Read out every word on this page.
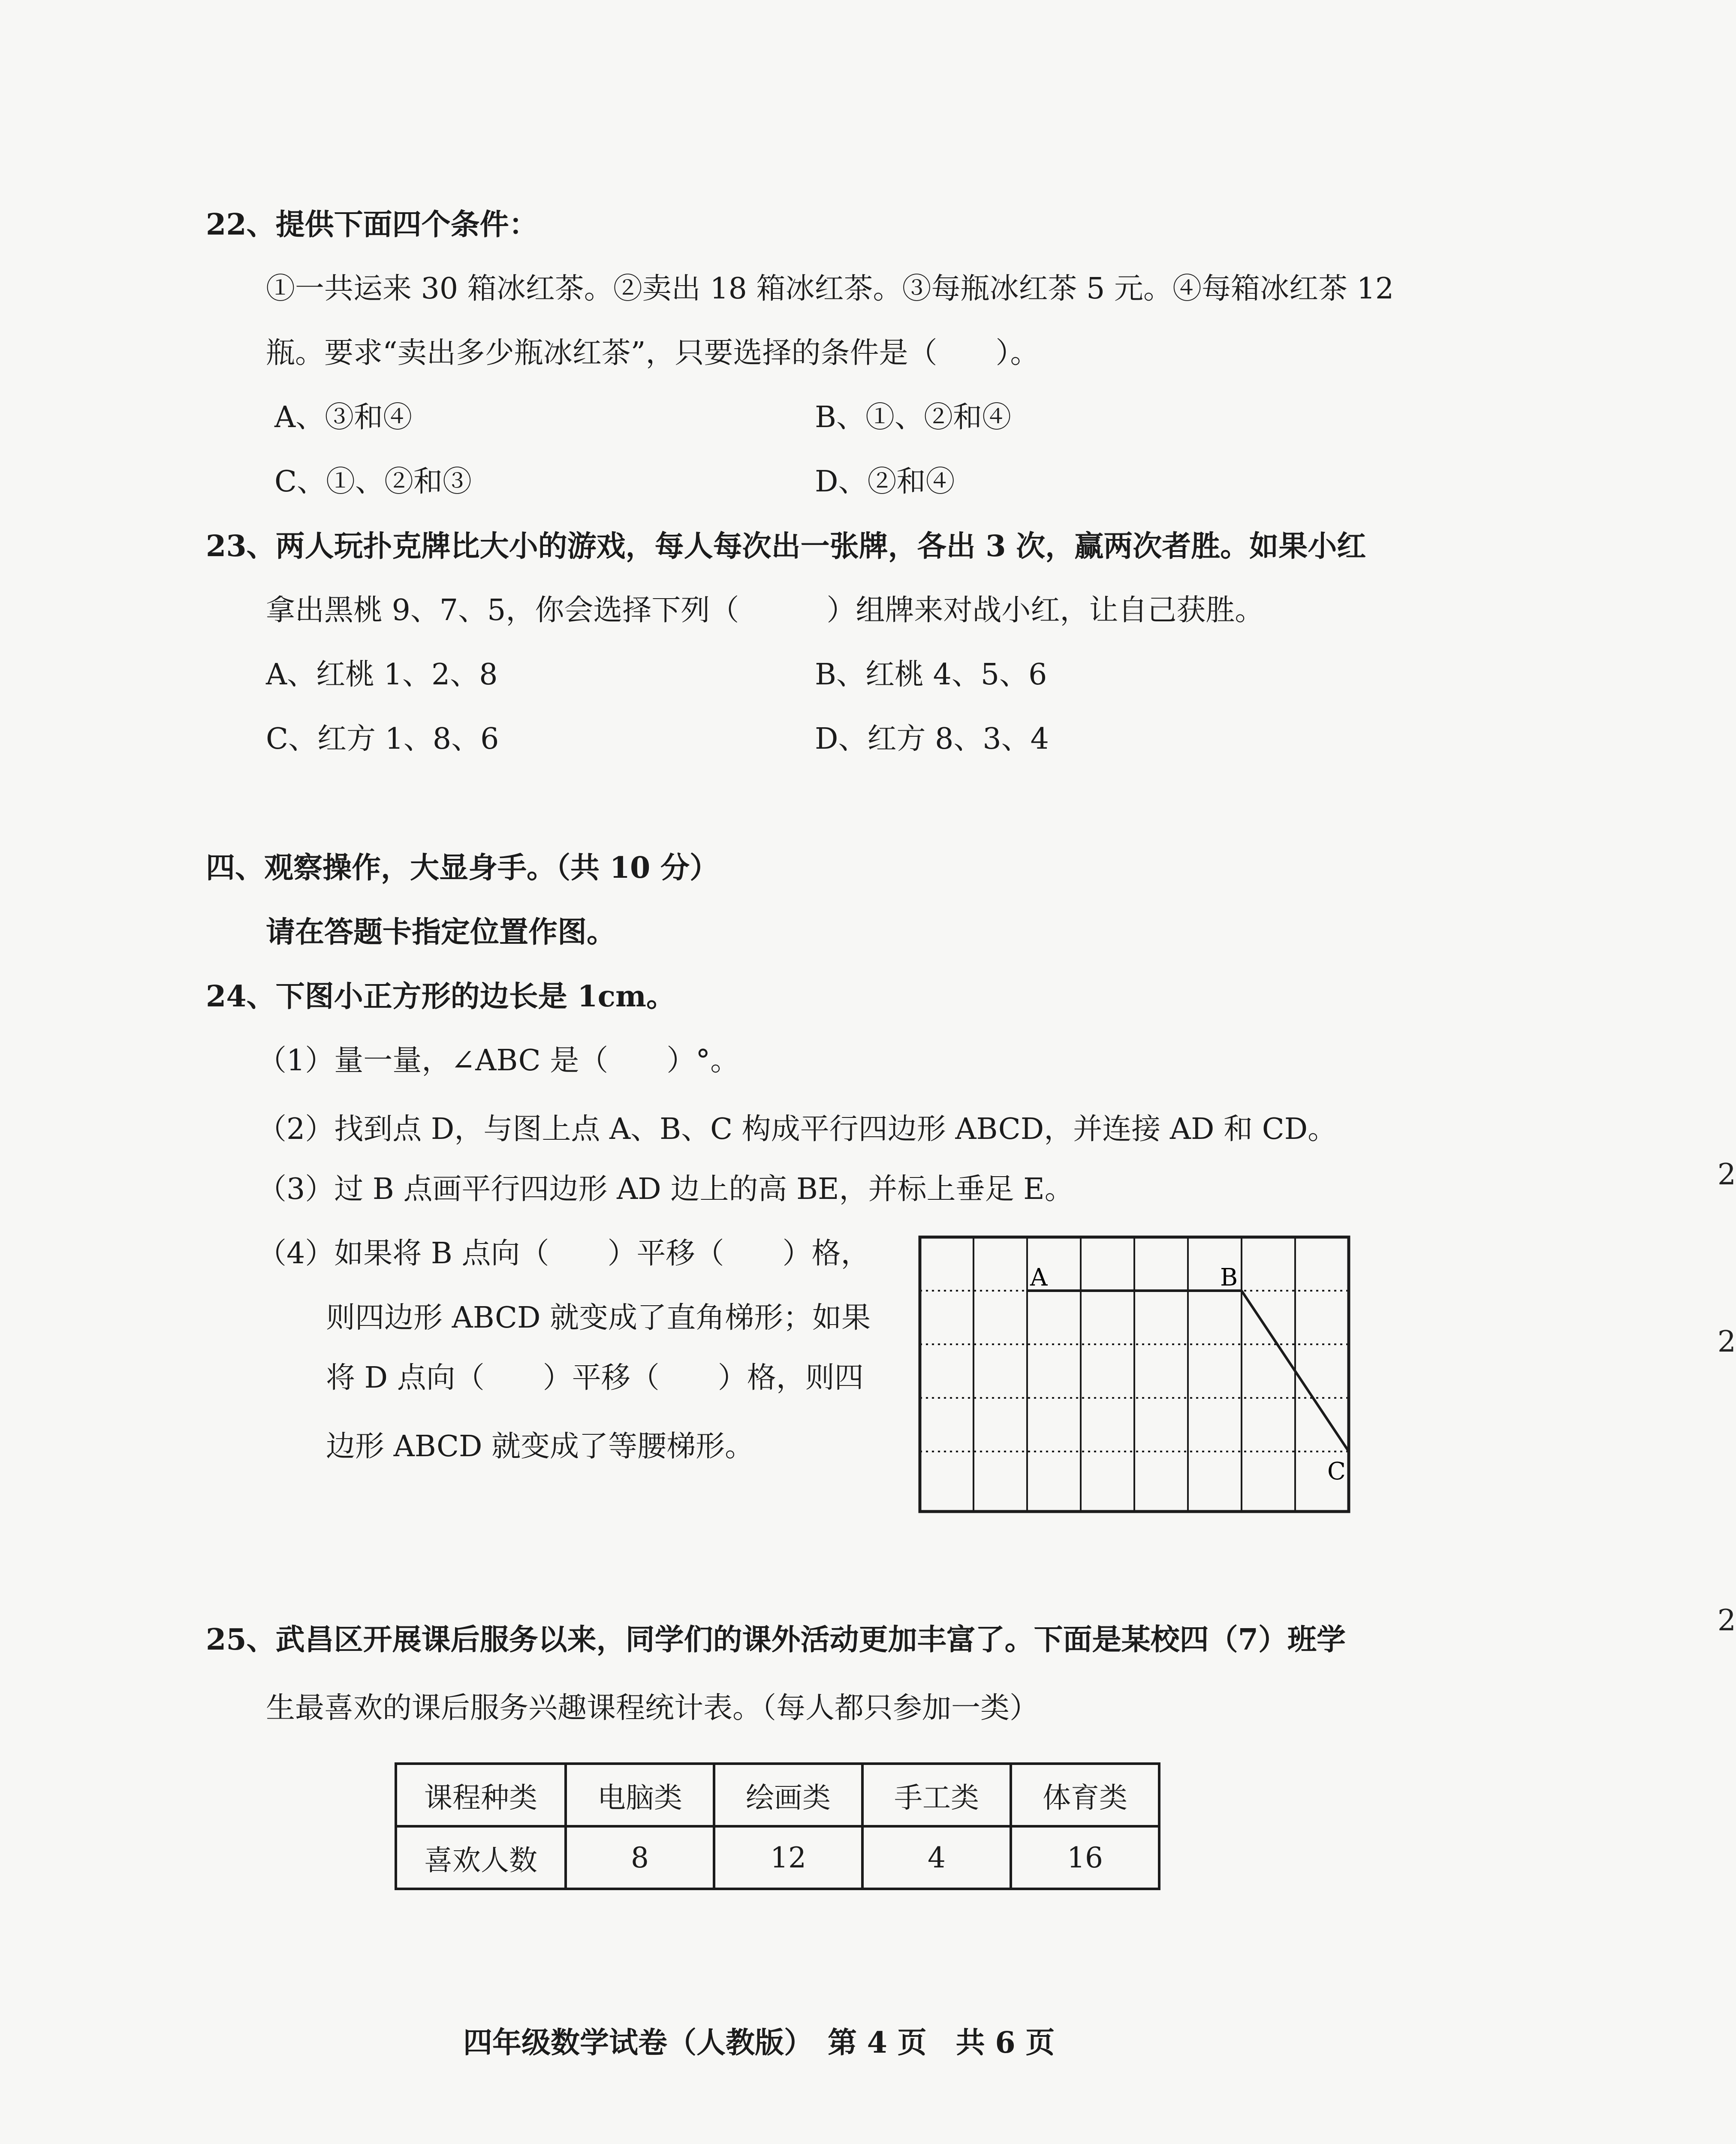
22、提供下面四个条件：
①一共运来 30 箱冰红茶。②卖出 18 箱冰红茶。③每瓶冰红茶 5 元。④每箱冰红茶 12
瓶。要求“卖出多少瓶冰红茶”，只要选择的条件是（　　）。
A、③和④	B、①、②和④
C、①、②和③	D、②和④
23、两人玩扑克牌比大小的游戏，每人每次出一张牌，各出 3 次，赢两次者胜。如果小红
拿出黑桃 9、7、5，你会选择下列（　　　）组牌来对战小红，让自己获胜。
A、红桃 1、2、8	B、红桃 4、5、6
C、红方 1、8、6	D、红方 8、3、4
四、观察操作，大显身手。（共 10 分）
请在答题卡指定位置作图。
24、下图小正方形的边长是 1cm。
（1）量一量，∠ABC 是（　　）°。
（2）找到点 D，与图上点 A、B、C 构成平行四边形 ABCD，并连接 AD 和 CD。
（3）过 B 点画平行四边形 AD 边上的高 BE，并标上垂足 E。
（4）如果将 B 点向（　　）平移（　　）格，
则四边形 ABCD 就变成了直角梯形；如果
将 D 点向（　　）平移（　　）格，则四
边形 ABCD 就变成了等腰梯形。
A	B
C
25、武昌区开展课后服务以来，同学们的课外活动更加丰富了。下面是某校四（7）班学
生最喜欢的课后服务兴趣课程统计表。（每人都只参加一类）
课程种类	电脑类	绘画类	手工类	体育类
喜欢人数	8	12	4	16
四年级数学试卷（人教版）　第 4 页　共 6 页
2
2
2
